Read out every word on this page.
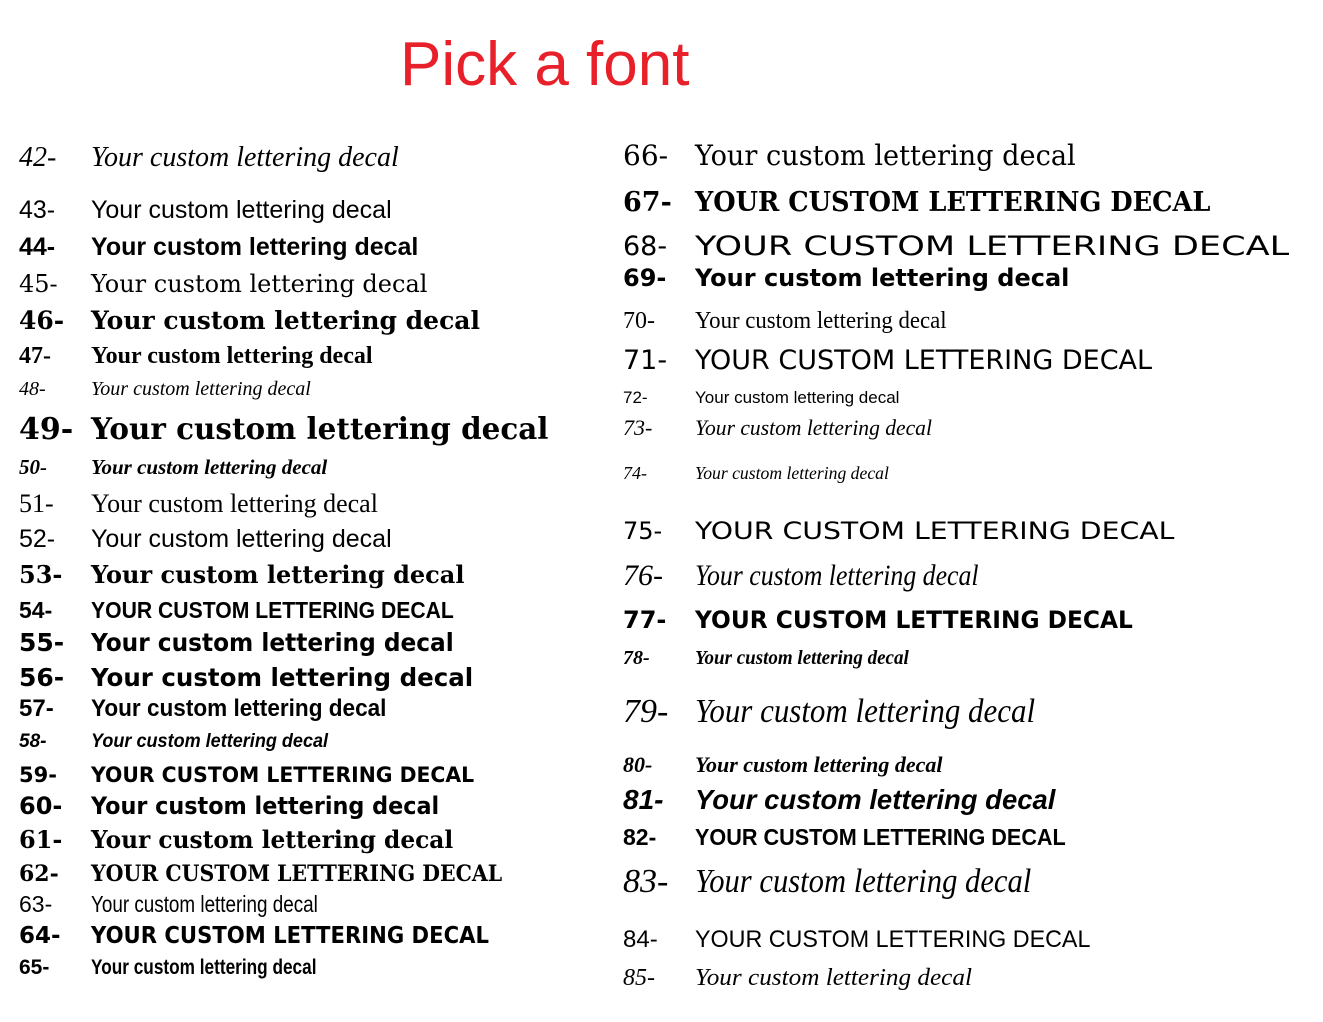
Pick a font
42- Your custom lettering decal
43- Your custom lettering decal
44- Your custom lettering decal
45- Your custom lettering decal
46- Your custom lettering decal
47- Your custom lettering decal
48- Your custom lettering decal
49- Your custom lettering decal
50- Your custom lettering decal
51- Your custom lettering decal
52- Your custom lettering decal
53- Your custom lettering decal
54- YOUR CUSTOM LETTERING DECAL
55- Your custom lettering decal
56- Your custom lettering decal
57- Your custom lettering decal
58- Your custom lettering decal
59- YOUR CUSTOM LETTERING DECAL
60- Your custom lettering decal
61- Your custom lettering decal
62- YOUR CUSTOM LETTERING DECAL
63- Your custom lettering decal
64- YOUR CUSTOM LETTERING DECAL
65- Your custom lettering decal
66- Your custom lettering decal
67- YOUR CUSTOM LETTERING DECAL
68- YOUR CUSTOM LETTERING DECAL
69- Your custom lettering decal
70- Your custom lettering decal
71- YOUR CUSTOM LETTERING DECAL
72-	Your custom lettering decal
73- Your custom lettering decal
74-	Your custom lettering decal
75- YOUR CUSTOM LETTERING DECAL
76- Your custom lettering decal
77- YOUR CUSTOM LETTERING DECAL
78- Your custom lettering decal
79- Your custom lettering decal
80- Your custom lettering decal
81- Your custom lettering decal
82- YOUR CUSTOM LETTERING DECAL
83- Your custom lettering decal
84- YOUR CUSTOM LETTERING DECAL
85- Your custom lettering decal
